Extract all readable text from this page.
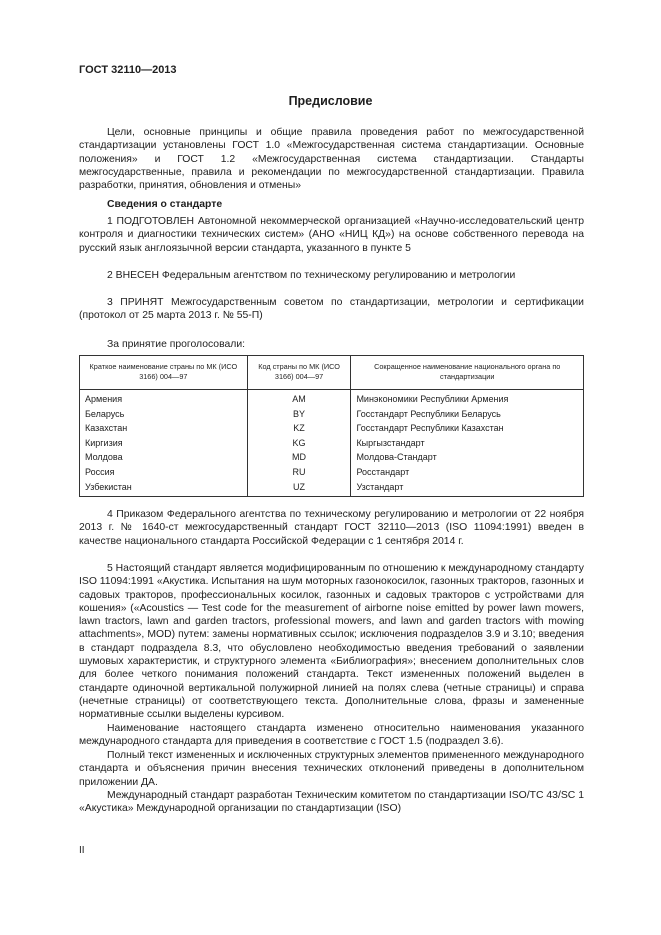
ГОСТ 32110—2013
Предисловие

Цели, основные принципы и общие правила проведения работ по межгосударственной стандартизации установлены ГОСТ 1.0 «Межгосударственная система стандартизации. Основные положения» и ГОСТ 1.2 «Межгосударственная система стандартизации. Стандарты межгосударственные, правила и рекомендации по межгосударственной стандартизации. Правила разработки, принятия, обновления и отмены»

Сведения о стандарте

1 ПОДГОТОВЛЕН Автономной некоммерческой организацией «Научно-исследовательский центр контроля и диагностики технических систем» (АНО «НИЦ КД») на основе собственного перевода на русский язык англоязычной версии стандарта, указанного в пункте 5

2 ВНЕСЕН Федеральным агентством по техническому регулированию и метрологии

3 ПРИНЯТ Межгосударственным советом по стандартизации, метрологии и сертификации (протокол от 25 марта 2013 г. № 55-П)

За принятие проголосовали:

Краткое наименование страны по МК (ИСО 3166) 004—97	Код страны по МК (ИСО 3166) 004—97	Сокращенное наименование национального органа по стандартизации
Армения	AM	Минэкономики Республики Армения
Беларусь	BY	Госстандарт Республики Беларусь
Казахстан	KZ	Госстандарт Республики Казахстан
Киргизия	KG	Кыргызстандарт
Молдова	MD	Молдова-Стандарт
Россия	RU	Росстандарт
Узбекистан	UZ	Узстандарт

4 Приказом Федерального агентства по техническому регулированию и метрологии от 22 ноября 2013 г. № 1640-ст межгосударственный стандарт ГОСТ 32110—2013 (ISO 11094:1991) введен в качестве национального стандарта Российской Федерации с 1 сентября 2014 г.

5 Настоящий стандарт является модифицированным по отношению к международному стандарту ISO 11094:1991 «Акустика. Испытания на шум моторных газонокосилок, газонных тракторов, газонных и садовых тракторов, профессиональных косилок, газонных и садовых тракторов с устройствами для кошения» («Acoustics — Test code for the measurement of airborne noise emitted by power lawn mowers, lawn tractors, lawn and garden tractors, professional mowers, and lawn and garden tractors with mowing attachments», MOD) путем: замены нормативных ссылок; исключения подразделов 3.9 и 3.10; введения в стандарт подраздела 8.3, что обусловлено необходимостью введения требований о заявлении шумовых характеристик, и структурного элемента «Библиография»; внесением дополнительных слов для более четкого понимания положений стандарта. Текст измененных положений выделен в стандарте одиночной вертикальной полужирной линией на полях слева (четные страницы) и справа (нечетные страницы) от соответствующего текста. Дополнительные слова, фразы и замененные нормативные ссылки выделены курсивом.

Наименование настоящего стандарта изменено относительно наименования указанного международного стандарта для приведения в соответствие с ГОСТ 1.5 (подраздел 3.6).

Полный текст измененных и исключенных структурных элементов примененного международного стандарта и объяснения причин внесения технических отклонений приведены в дополнительном приложении ДА.

Международный стандарт разработан Техническим комитетом по стандартизации ISO/TC 43/SC 1 «Акустика» Международной организации по стандартизации (ISO)

II
